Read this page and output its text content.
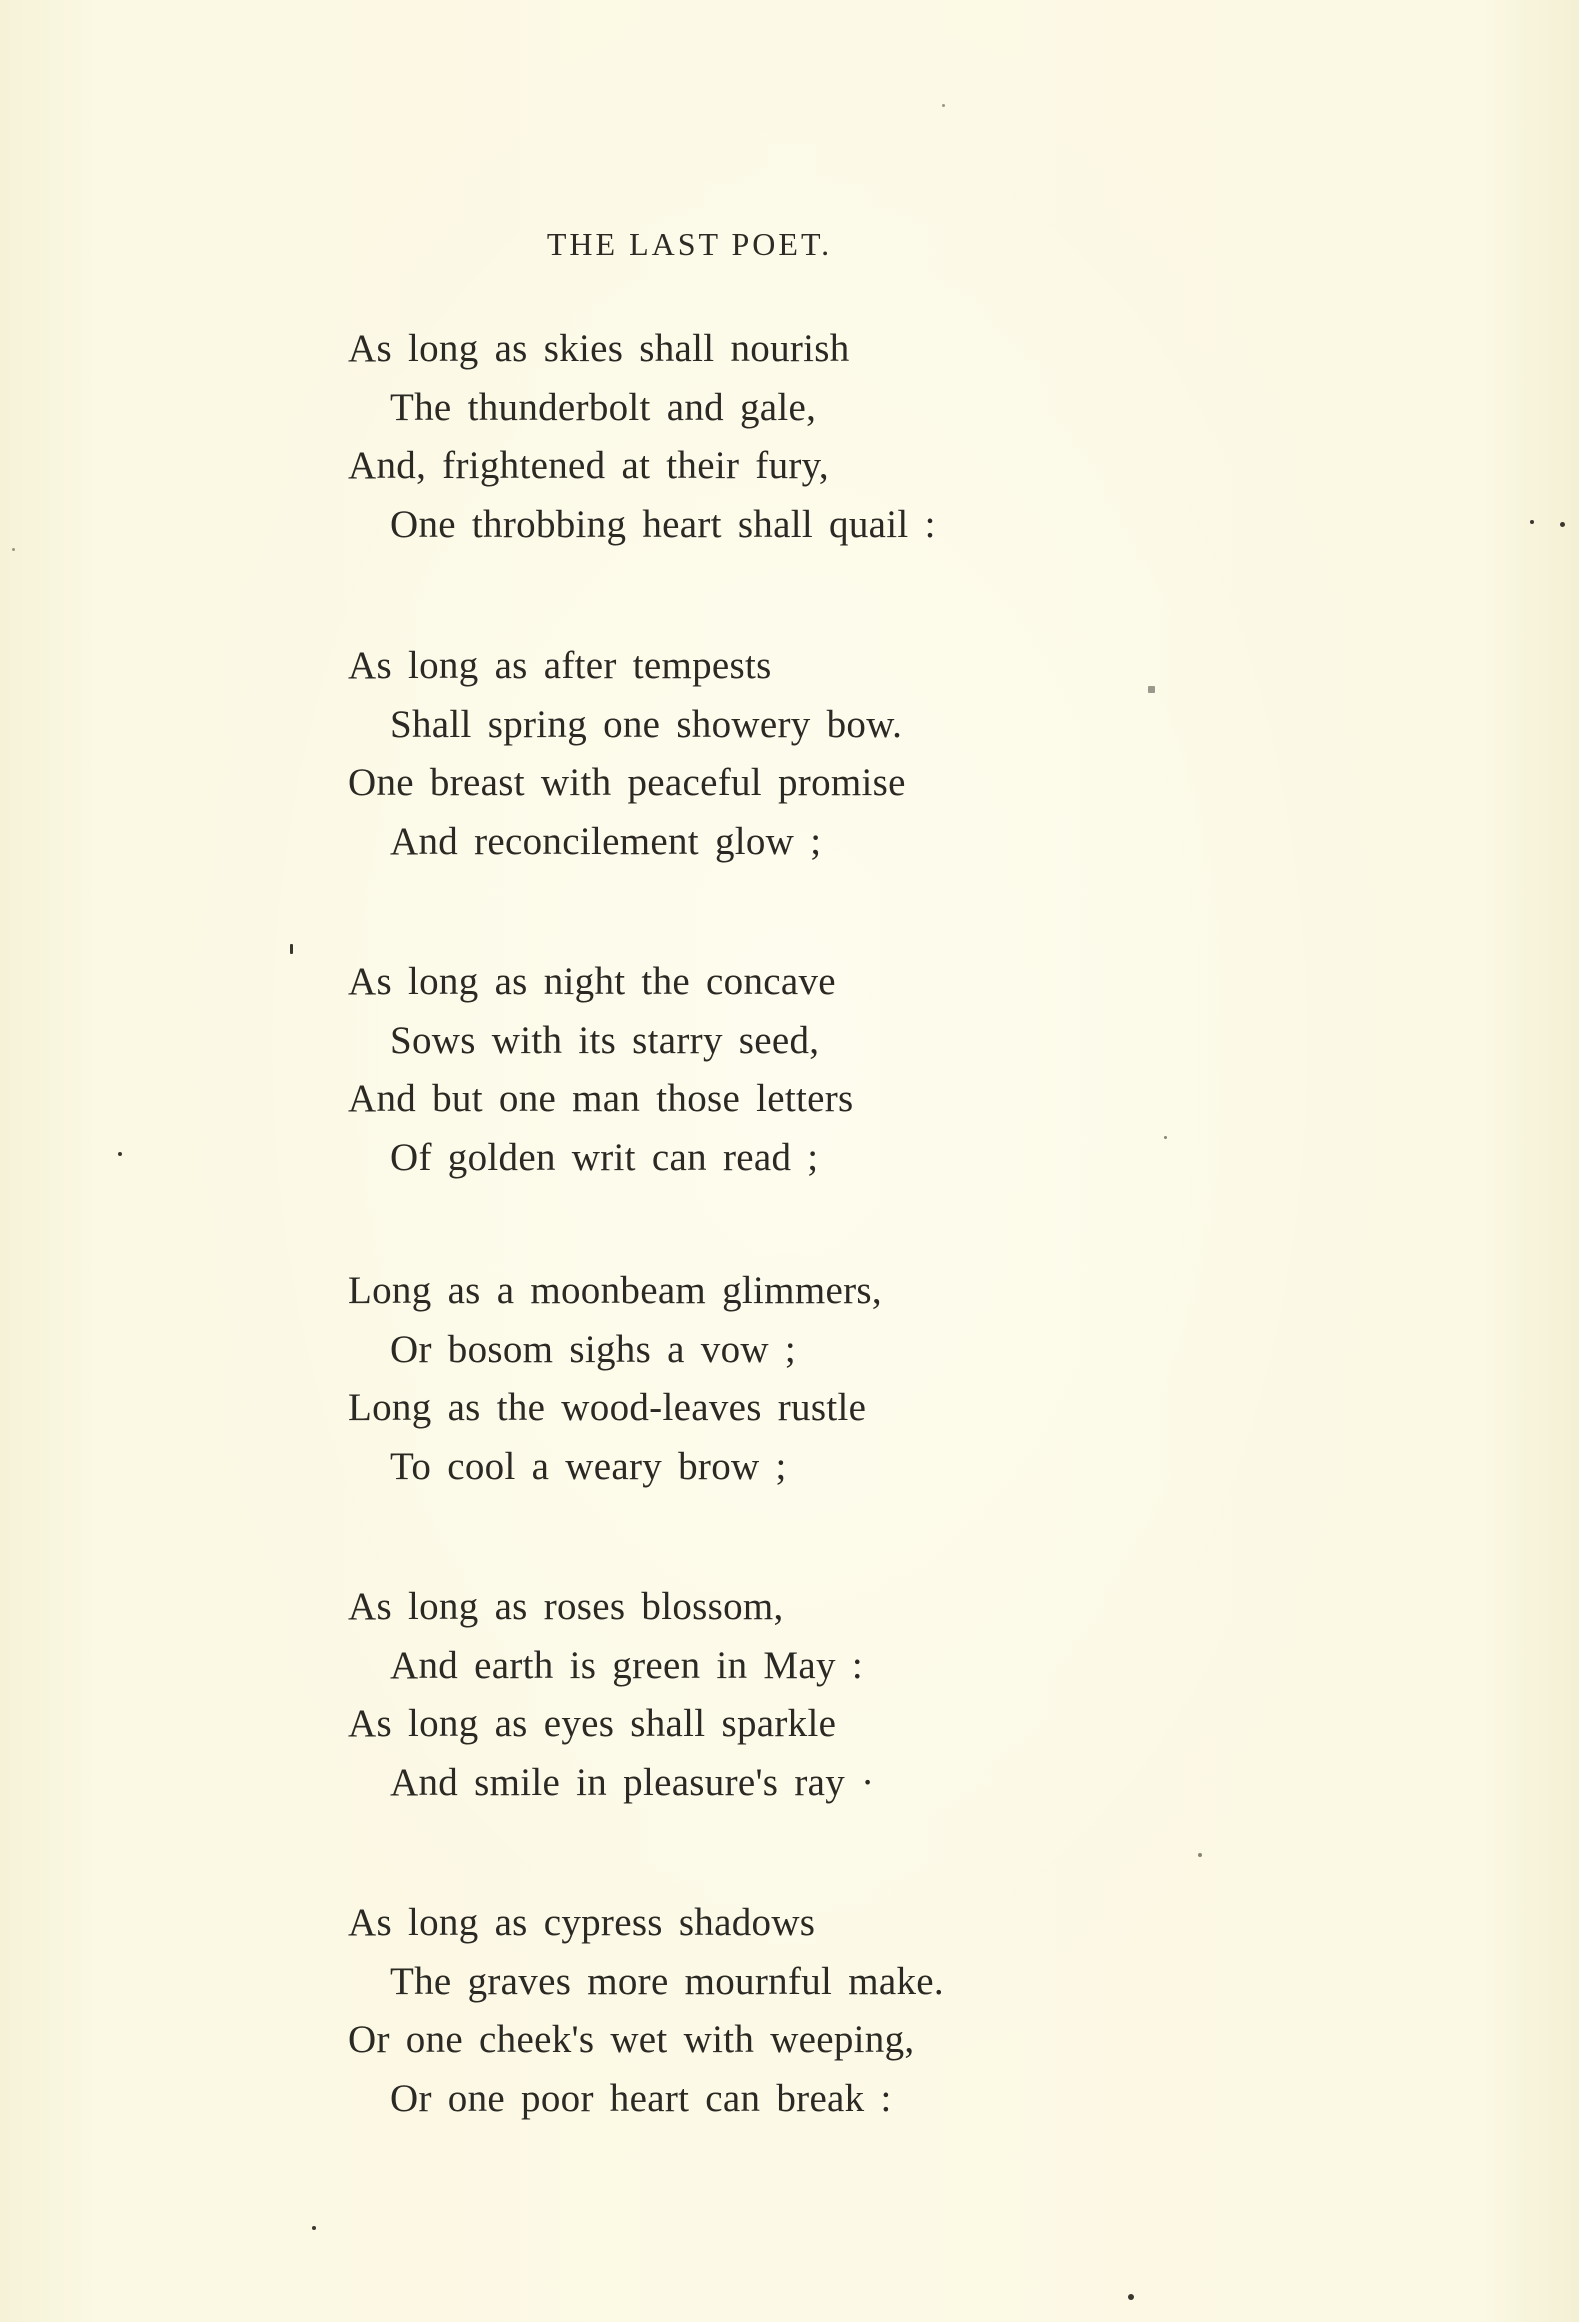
THE LAST POET.
As long as skies shall nourish
The thunderbolt and gale,
And, frightened at their fury,
One throbbing heart shall quail :
As long as after tempests
Shall spring one showery bow.
One breast with peaceful promise
And reconcilement glow ;
As long as night the concave
Sows with its starry seed,
And but one man those letters
Of golden writ can read ;
Long as a moonbeam glimmers,
Or bosom sighs a vow ;
Long as the wood-leaves rustle
To cool a weary brow ;
As long as roses blossom,
And earth is green in May :
As long as eyes shall sparkle
And smile in pleasure's ray ·
As long as cypress shadows
The graves more mournful make.
Or one cheek's wet with weeping,
Or one poor heart can break :
